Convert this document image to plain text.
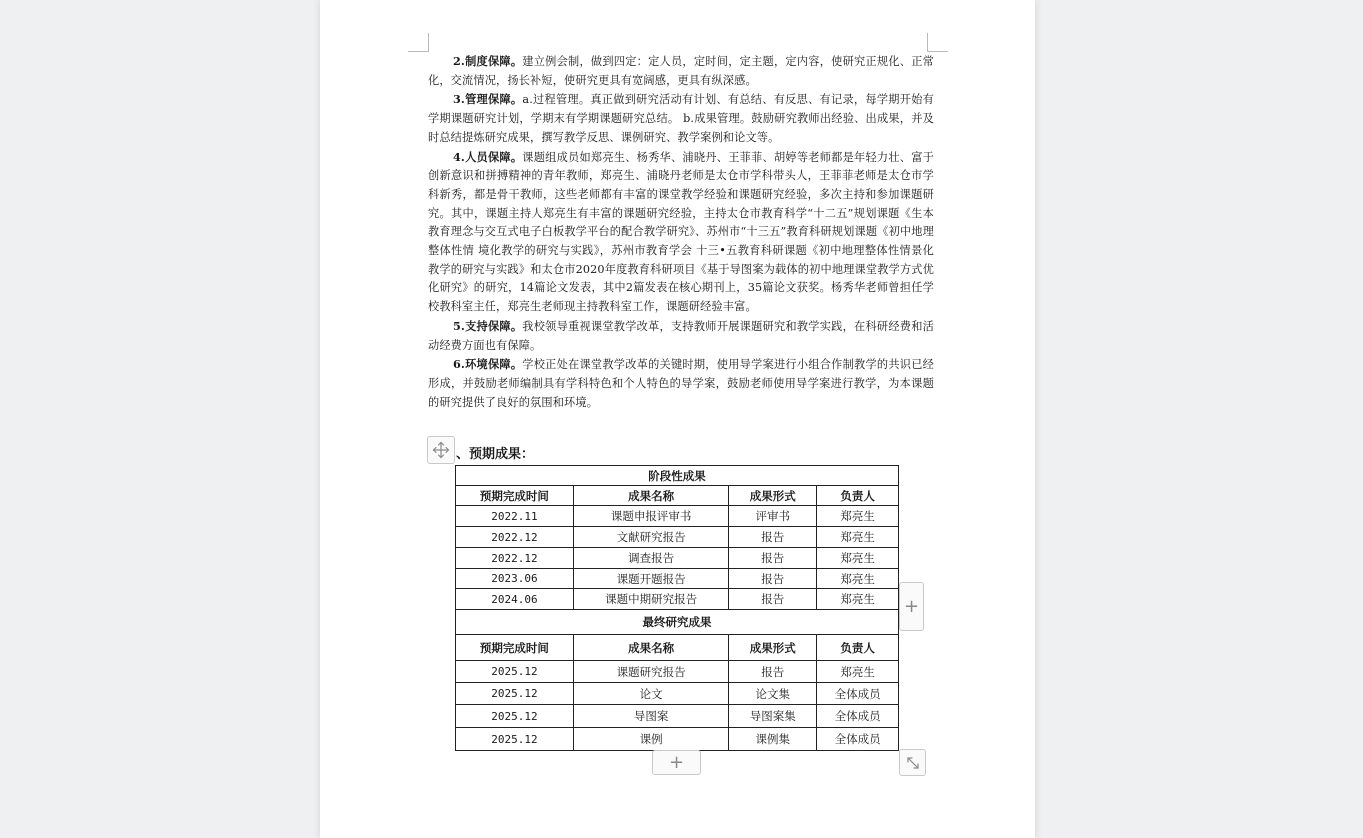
2.制度保障。建立例会制，做到四定：定人员，定时间，定主题，定内容，使研究正规化、正常化，交流情况，扬长补短，使研究更具有宽阔感，更具有纵深感。

3.管理保障。a.过程管理。真正做到研究活动有计划、有总结、有反思、有记录，每学期开始有学期课题研究计划，学期末有学期课题研究总结。 b.成果管理。鼓励研究教师出经验、出成果，并及时总结提炼研究成果，撰写教学反思、课例研究、教学案例和论文等。

4.人员保障。课题组成员如郑亮生、杨秀华、浦晓丹、王菲菲、胡婷等老师都是年轻力壮、富于创新意识和拼搏精神的青年教师，郑亮生、浦晓丹老师是太仓市学科带头人，王菲菲老师是太仓市学科新秀，都是骨干教师，这些老师都有丰富的课堂教学经验和课题研究经验，多次主持和参加课题研究。其中，课题主持人郑亮生有丰富的课题研究经验，主持太仓市教育科学“十二五”规划课题《生本教育理念与交互式电子白板教学平台的配合教学研究》、苏州市“十三五”教育科研规划课题《初中地理整体性情 境化教学的研究与实践》，苏州市教育学会 十三•五教育科研课题《初中地理整体性情景化教学的研究与实践》和太仓市2020年度教育科研项目《基于导图案为载体的初中地理课堂教学方式优化研究》的研究，14篇论文发表，其中2篇发表在核心期刊上，35篇论文获奖。杨秀华老师曾担任学校教科室主任，郑亮生老师现主持教科室工作，课题研经验丰富。

5.支持保障。我校领导重视课堂教学改革，支持教师开展课题研究和教学实践，在科研经费和活动经费方面也有保障。

6.环境保障。学校正处在课堂教学改革的关键时期，使用导学案进行小组合作制教学的共识已经形成，并鼓励老师编制具有学科特色和个人特色的导学案，鼓励老师使用导学案进行教学，为本课题的研究提供了良好的氛围和环境。

、预期成果：
阶段性成果			
预期完成时间	成果名称	成果形式	负责人
2022.11	课题申报评审书	评审书	郑亮生
2022.12	文献研究报告	报告	郑亮生
2022.12	调查报告	报告	郑亮生
2023.06	课题开题报告	报告	郑亮生
2024.06	课题中期研究报告	报告	郑亮生
最终研究成果			
预期完成时间	成果名称	成果形式	负责人
2025.12	课题研究报告	报告	郑亮生
2025.12	论文	论文集	全体成员
2025.12	导图案	导图案集	全体成员
2025.12	课例	课例集	全体成员
+
+
